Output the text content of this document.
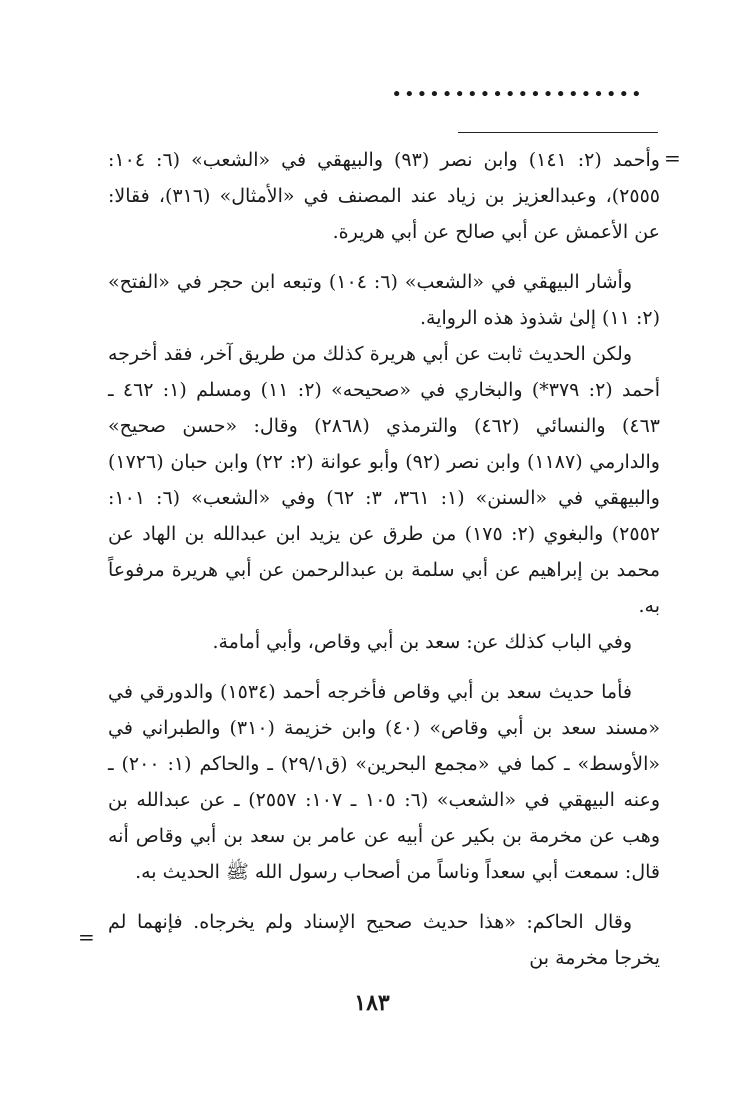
••••••••••••••••••••
=

وأحمد (٢: ١٤١) وابن نصر (٩٣) والبيهقي في «الشعب» (٦: ١٠٤: ٢٥٥٥)، وعبدالعزيز بن زياد عند المصنف في «الأمثال» (٣١٦)، فقالا: عن الأعمش عن أبي صالح عن أبي هريرة.

وأشار البيهقي في «الشعب» (٦: ١٠٤) وتبعه ابن حجر في «الفتح» (٢: ١١) إلىٰ شذوذ هذه الرواية.

ولكن الحديث ثابت عن أبي هريرة كذلك من طريق آخر، فقد أخرجه أحمد (٢: ٣٧٩*) والبخاري في «صحيحه» (٢: ١١) ومسلم (١: ٤٦٢ ـ ٤٦٣) والنسائي (٤٦٢) والترمذي (٢٨٦٨) وقال: «حسن صحيح» والدارمي (١١٨٧) وابن نصر (٩٢) وأبو عوانة (٢: ٢٢) وابن حبان (١٧٢٦) والبيهقي في «السنن» (١: ٣٦١، ٣: ٦٢) وفي «الشعب» (٦: ١٠١: ٢٥٥٢) والبغوي (٢: ١٧٥) من طرق عن يزيد ابن عبدالله بن الهاد عن محمد بن إبراهيم عن أبي سلمة بن عبدالرحمن عن أبي هريرة مرفوعاً به.

وفي الباب كذلك عن: سعد بن أبي وقاص، وأبي أمامة.

فأما حديث سعد بن أبي وقاص فأخرجه أحمد (١٥٣٤) والدورقي في «مسند سعد بن أبي وقاص» (٤٠) وابن خزيمة (٣١٠) والطبراني في «الأوسط» ـ كما في «مجمع البحرين» (ق٢٩/١) ـ والحاكم (١: ٢٠٠) ـ وعنه البيهقي في «الشعب» (٦: ١٠٥ ـ ١٠٧: ٢٥٥٧) ـ عن عبدالله بن وهب عن مخرمة بن بكير عن أبيه عن عامر بن سعد بن أبي وقاص أنه قال: سمعت أبي سعداً وناساً من أصحاب رسول الله ﷺ الحديث به.

وقال الحاكم: «هذا حديث صحيح الإسناد ولم يخرجاه. فإنهما لم يخرجا مخرمة بن

=
١٨٣
